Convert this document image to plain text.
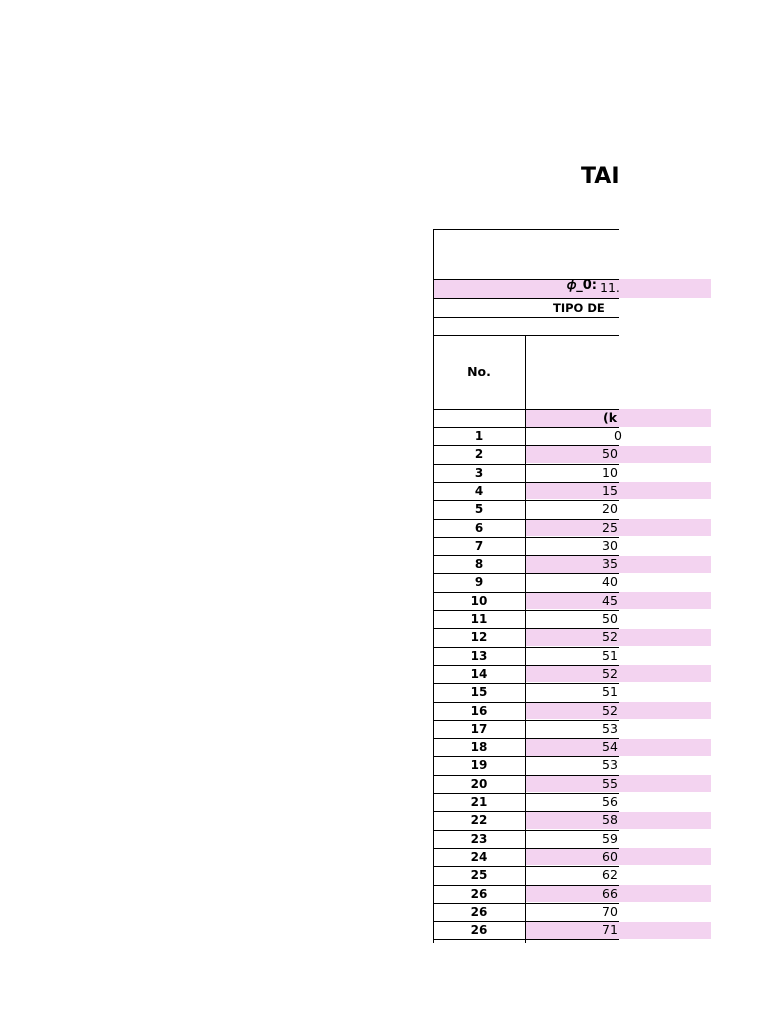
TAI
𝜙_0: 11.
TIPO DE
No.
(k
1	0
2	50
3	10
4	15
5	20
6	25
7	30
8	35
9	40
10	45
11	50
12	52
13	51
14	52
15	51
16	52
17	53
18	54
19	53
20	55
21	56
22	58
23	59
24	60
25	62
26	66
26	70
26	71
